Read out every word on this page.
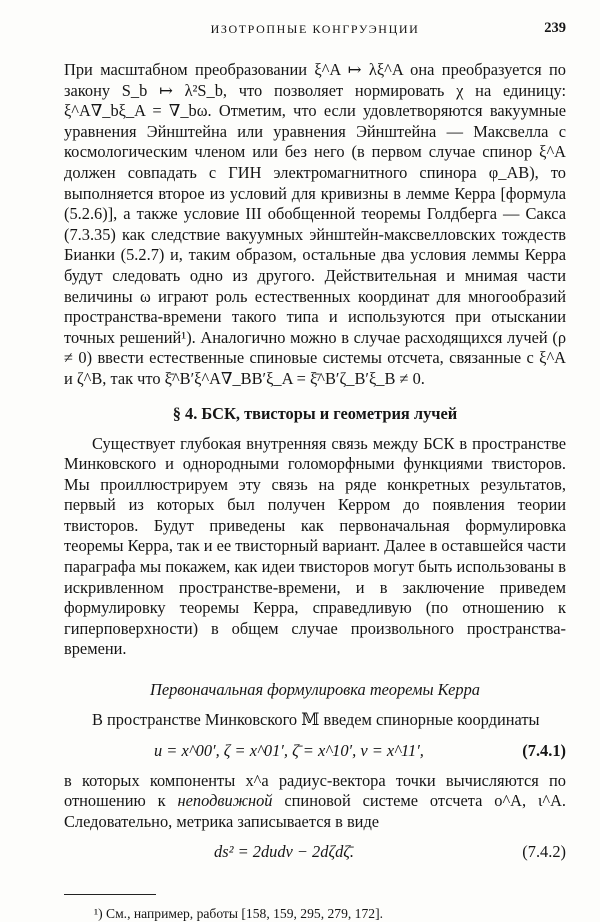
ИЗОТРОПНЫЕ КОНГРУЭНЦИИ	239

При масштабном преобразовании ξ^A ↦ λξ^A она преобразуется по закону S_b ↦ λ²S_b, что позволяет нормировать χ на единицу: ξ^A∇_bξ_A = ∇_bω. Отметим, что если удовлетворяются вакуумные уравнения Эйнштейна или уравнения Эйнштейна — Максвелла с космологическим членом или без него (в первом случае спинор ξ^A должен совпадать с ГИН электромагнитного спинора φ_AB), то выполняется второе из условий для кривизны в лемме Керра [формула (5.2.6)], а также условие III обобщенной теоремы Голдберга — Сакса (7.3.35) как следствие вакуумных эйнштейн-максвелловских тождеств Бианки (5.2.7) и, таким образом, остальные два условия леммы Керра будут следовать одно из другого. Действительная и мнимая части величины ω играют роль естественных координат для многообразий пространства-времени такого типа и используются при отыскании точных решений¹). Аналогично можно в случае расходящихся лучей (ρ ≠ 0) ввести естественные спиновые системы отсчета, связанные с ξ^A и ζ^B, так что ξ̄^B′ξ^A∇_BB′ξ_A = ξ̄^B′ζ_B′ξ_B ≠ 0.

§ 4. БСК, твисторы и геометрия лучей

Существует глубокая внутренняя связь между БСК в пространстве Минковского и однородными голоморфными функциями твисторов. Мы проиллюстрируем эту связь на ряде конкретных результатов, первый из которых был получен Керром до появления теории твисторов. Будут приведены как первоначальная формулировка теоремы Керра, так и ее твисторный вариант. Далее в оставшейся части параграфа мы покажем, как идеи твисторов могут быть использованы в искривленном пространстве-времени, и в заключение приведем формулировку теоремы Керра, справедливую (по отношению к гиперповерхности) в общем случае произвольного пространства-времени.

Первоначальная формулировка теоремы Керра

В пространстве Минковского 𝕄 введем спинорные координаты

u = x^00′, ζ = x^01′, ζ̄ = x^10′, v = x^11′,	(7.4.1)

в которых компоненты x^a радиус-вектора точки вычисляются по отношению к неподвижной спиновой системе отсчета o^A, ι^A. Следовательно, метрика записывается в виде

ds² = 2dudv − 2dζdζ̄.	(7.4.2)
¹) См., например, работы [158, 159, 295, 279, 172].
